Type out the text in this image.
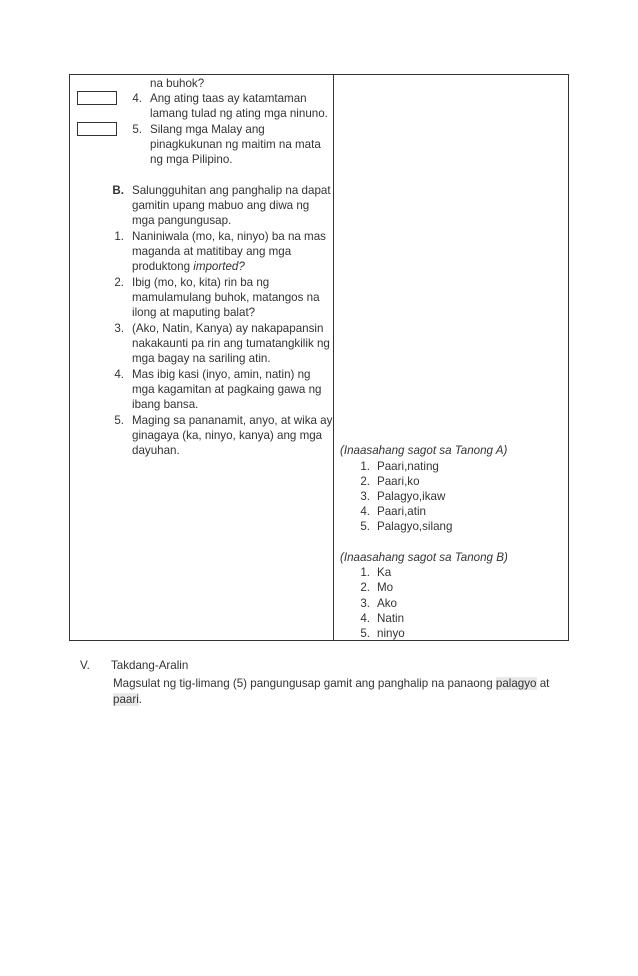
na buhok?
4. Ang ating taas ay katamtaman
lamang tulad ng ating mga ninuno.
5. Silang mga Malay ang
pinagkukunan ng maitim na mata
ng mga Pilipino.
B. Salungguhitan ang panghalip na dapat
gamitin upang mabuo ang diwa ng
mga pangungusap.
1. Naniniwala (mo, ka, ninyo) ba na mas
maganda at matitibay ang mga
produktong imported?
2. Ibig (mo, ko, kita) rin ba ng
mamulamulang buhok, matangos na
ilong at maputing balat?
3. (Ako, Natin, Kanya) ay nakapapansin
nakakaunti pa rin ang tumatangkilik ng
mga bagay na sariling atin.
4. Mas ibig kasi (inyo, amin, natin) ng
mga kagamitan at pagkaing gawa ng
ibang bansa.
5. Maging sa pananamit, anyo, at wika ay
ginagaya (ka, ninyo, kanya) ang mga
dayuhan.	(Inaasahang sagot sa Tanong A)
1. Paari,nating
2. Paari,ko
3. Palagyo,ikaw
4. Paari,atin
5. Palagyo,silang
(Inaasahang sagot sa Tanong B)
1. Ka
2. Mo
3. Ako
4. Natin
5. ninyo
V. Takdang-Aralin
Magsulat ng tig-limang (5) pangungusap gamit ang panghalip na panaong palagyo at
paari.
